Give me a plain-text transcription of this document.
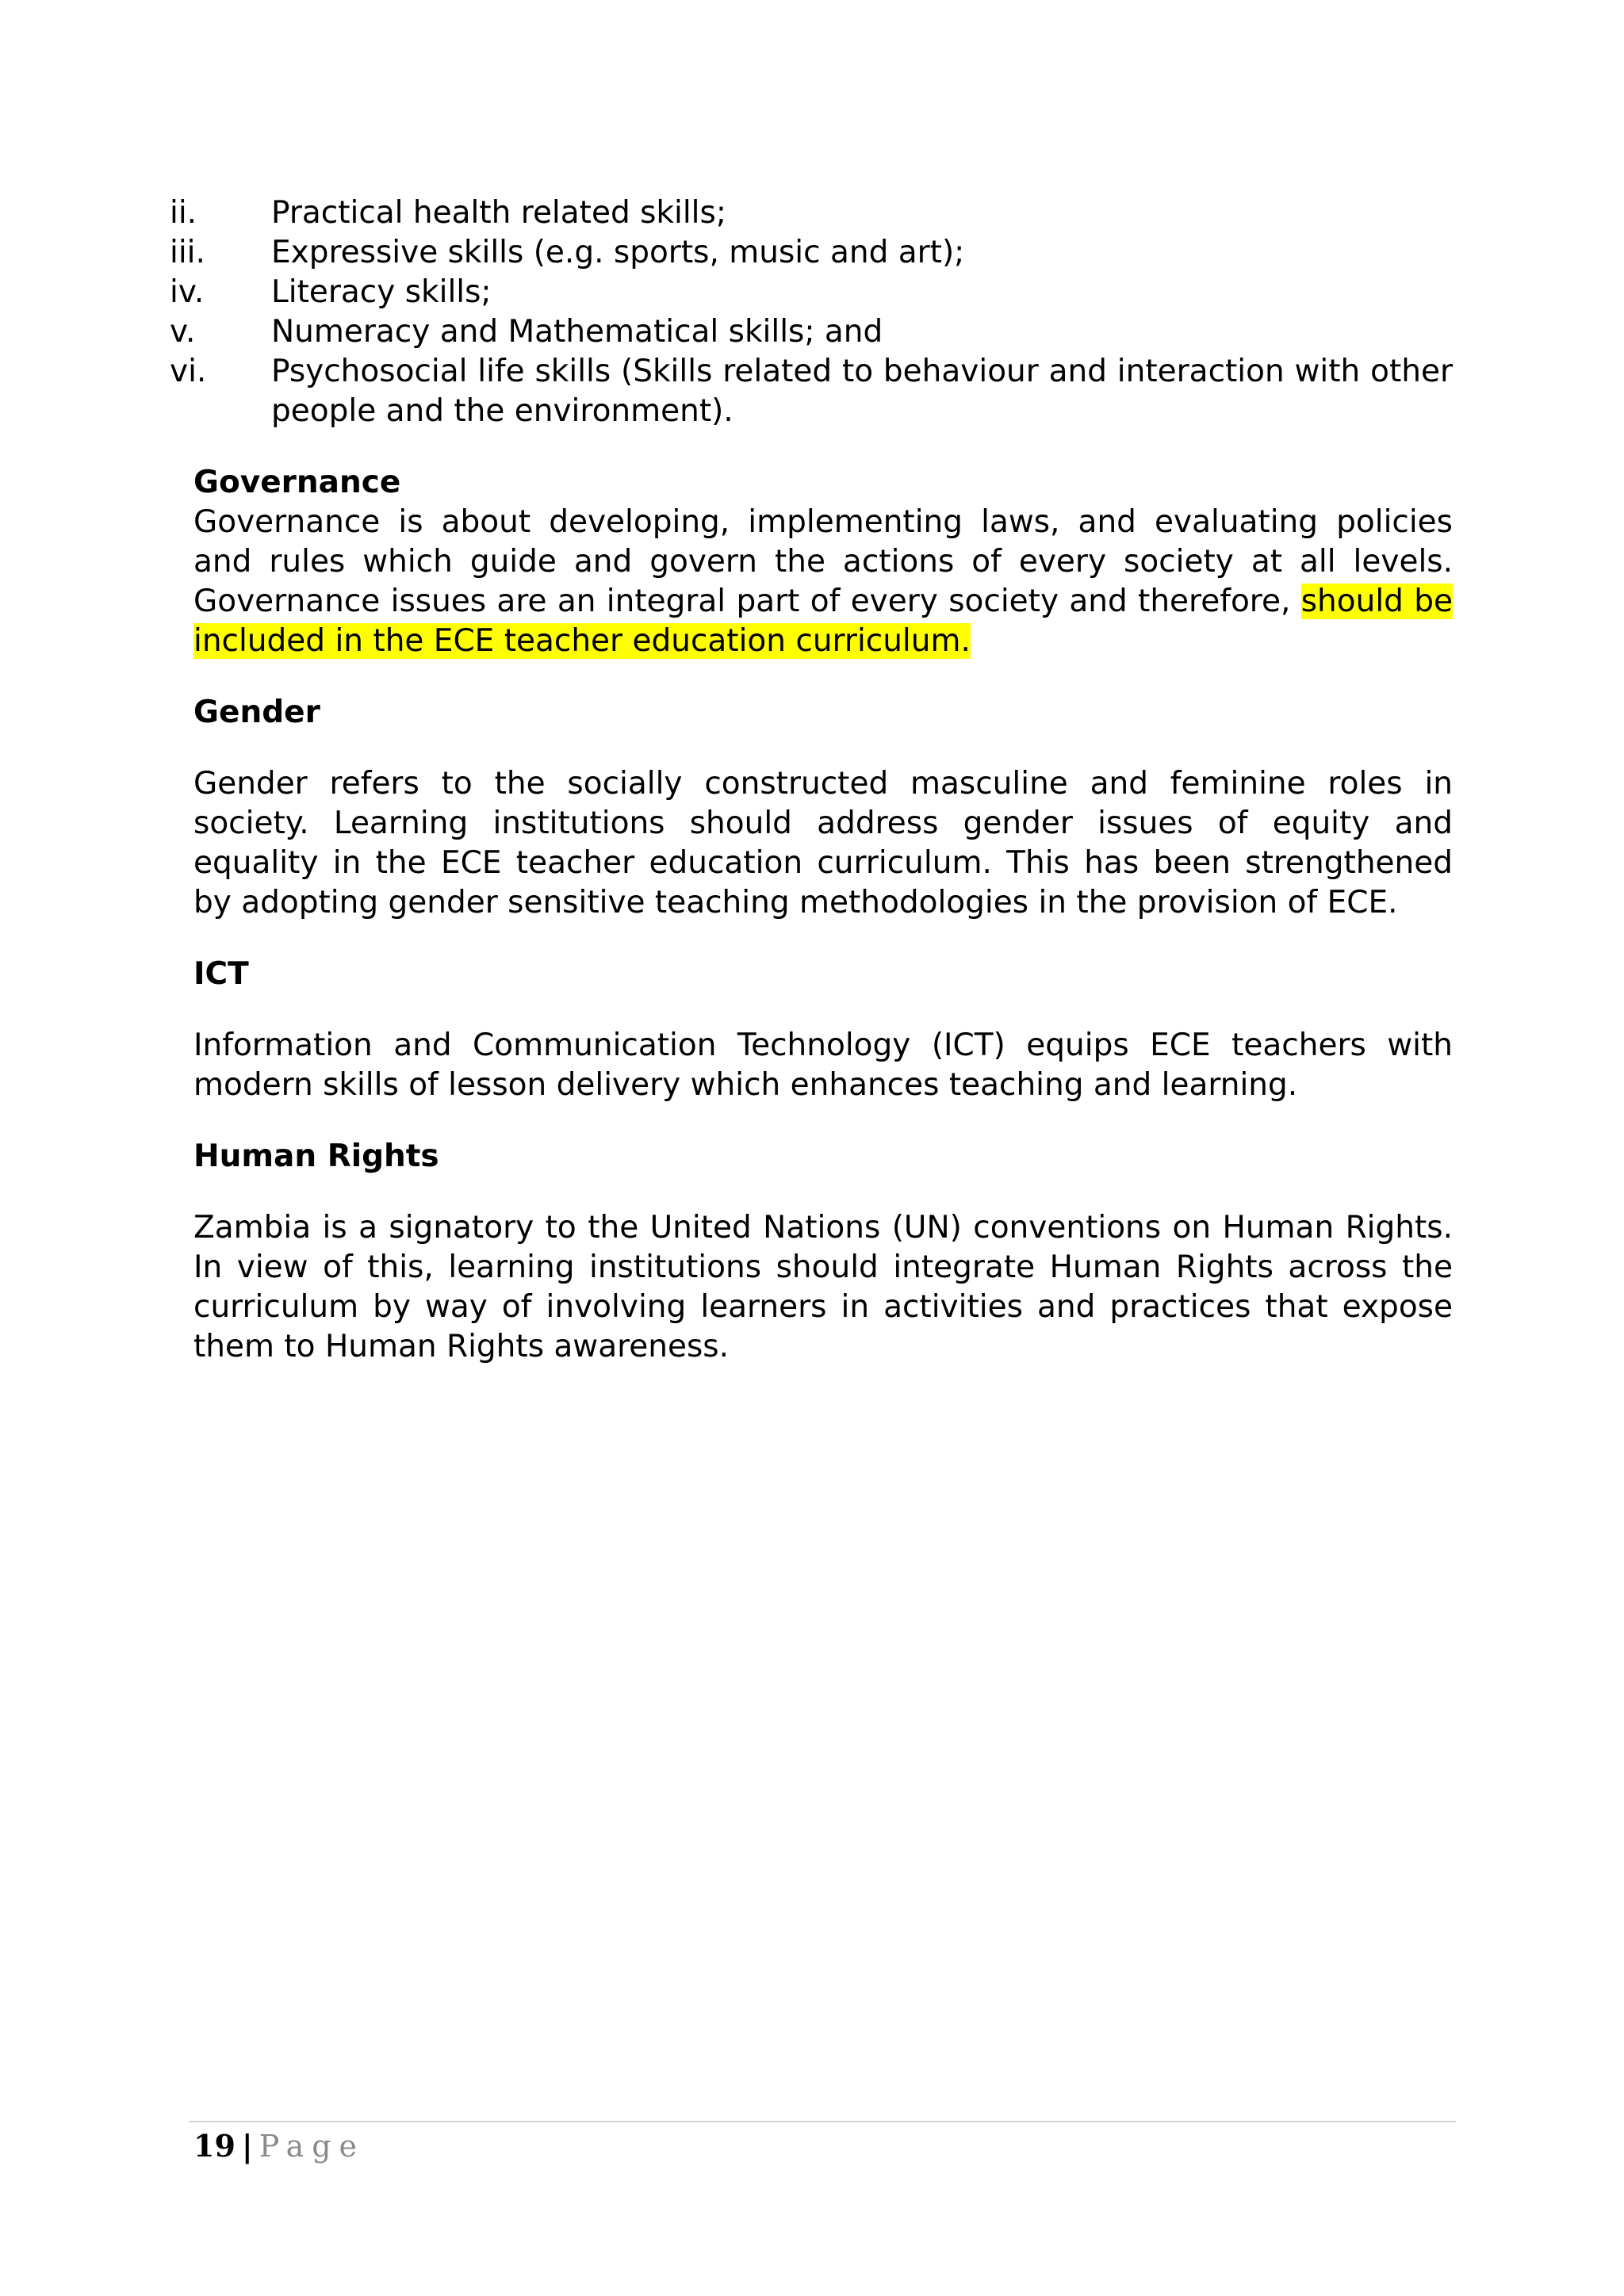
ii.	Practical health related skills;
iii.	Expressive skills (e.g. sports, music and art);
iv.	Literacy skills;
v.	Numeracy and Mathematical skills; and
vi.	Psychosocial life skills (Skills related to behaviour and interaction with other people and the environment).

Governance

Governance is about developing, implementing laws, and evaluating policies and rules which guide and govern the actions of every society at all levels. Governance issues are an integral part of every society and therefore, should be included in the ECE teacher education curriculum.

Gender

Gender refers to the socially constructed masculine and feminine roles in society. Learning institutions should address gender issues of equity and equality in the ECE teacher education curriculum. This has been strengthened by adopting gender sensitive teaching methodologies in the provision of ECE.

ICT

Information and Communication Technology (ICT) equips ECE teachers with modern skills of lesson delivery which enhances teaching and learning.

Human Rights

Zambia is a signatory to the United Nations (UN) conventions on Human Rights. In view of this, learning institutions should integrate Human Rights across the curriculum by way of involving learners in activities and practices that expose them to Human Rights awareness.

19 | Page
